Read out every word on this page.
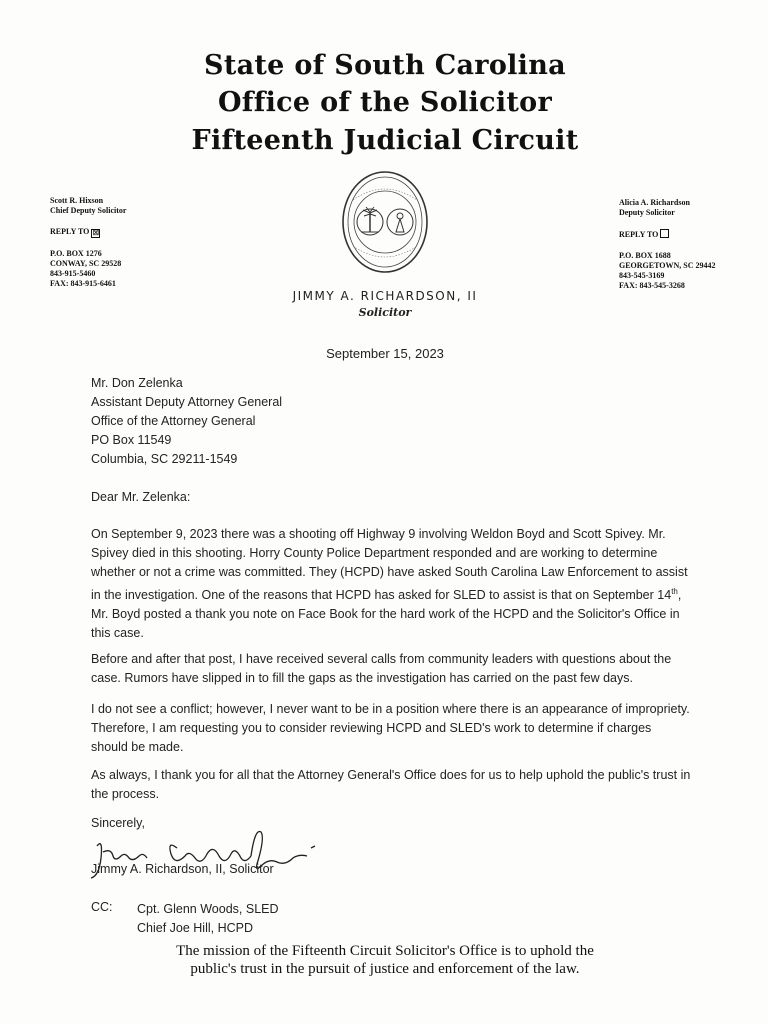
State of South Carolina
Office of the Solicitor
Fifteenth Judicial Circuit
Scott R. Hixson
Chief Deputy Solicitor
REPLY TO ☒
P.O. BOX 1276
CONWAY, SC 29528
843-915-5460
FAX: 843-915-6461
Alicia A. Richardson
Deputy Solicitor
REPLY TO
P.O. BOX 1688
GEORGETOWN, SC 29442
843-545-3169
FAX: 843-545-3268
JIMMY A. RICHARDSON, II
Solicitor
September 15, 2023
Mr. Don Zelenka
Assistant Deputy Attorney General
Office of the Attorney General
PO Box 11549
Columbia, SC 29211-1549
Dear Mr. Zelenka:
On September 9, 2023 there was a shooting off Highway 9 involving Weldon Boyd and Scott Spivey. Mr. Spivey died in this shooting. Horry County Police Department responded and are working to determine whether or not a crime was committed. They (HCPD) have asked South Carolina Law Enforcement to assist in the investigation. One of the reasons that HCPD has asked for SLED to assist is that on September 14th, Mr. Boyd posted a thank you note on Face Book for the hard work of the HCPD and the Solicitor's Office in this case.
Before and after that post, I have received several calls from community leaders with questions about the case. Rumors have slipped in to fill the gaps as the investigation has carried on the past few days.
I do not see a conflict; however, I never want to be in a position where there is an appearance of impropriety. Therefore, I am requesting you to consider reviewing HCPD and SLED's work to determine if charges should be made.
As always, I thank you for all that the Attorney General's Office does for us to help uphold the public's trust in the process.
Sincerely,
Jimmy A. Richardson, II, Solicitor
CC: Cpt. Glenn Woods, SLED
Chief Joe Hill, HCPD
The mission of the Fifteenth Circuit Solicitor's Office is to uphold the
public's trust in the pursuit of justice and enforcement of the law.
